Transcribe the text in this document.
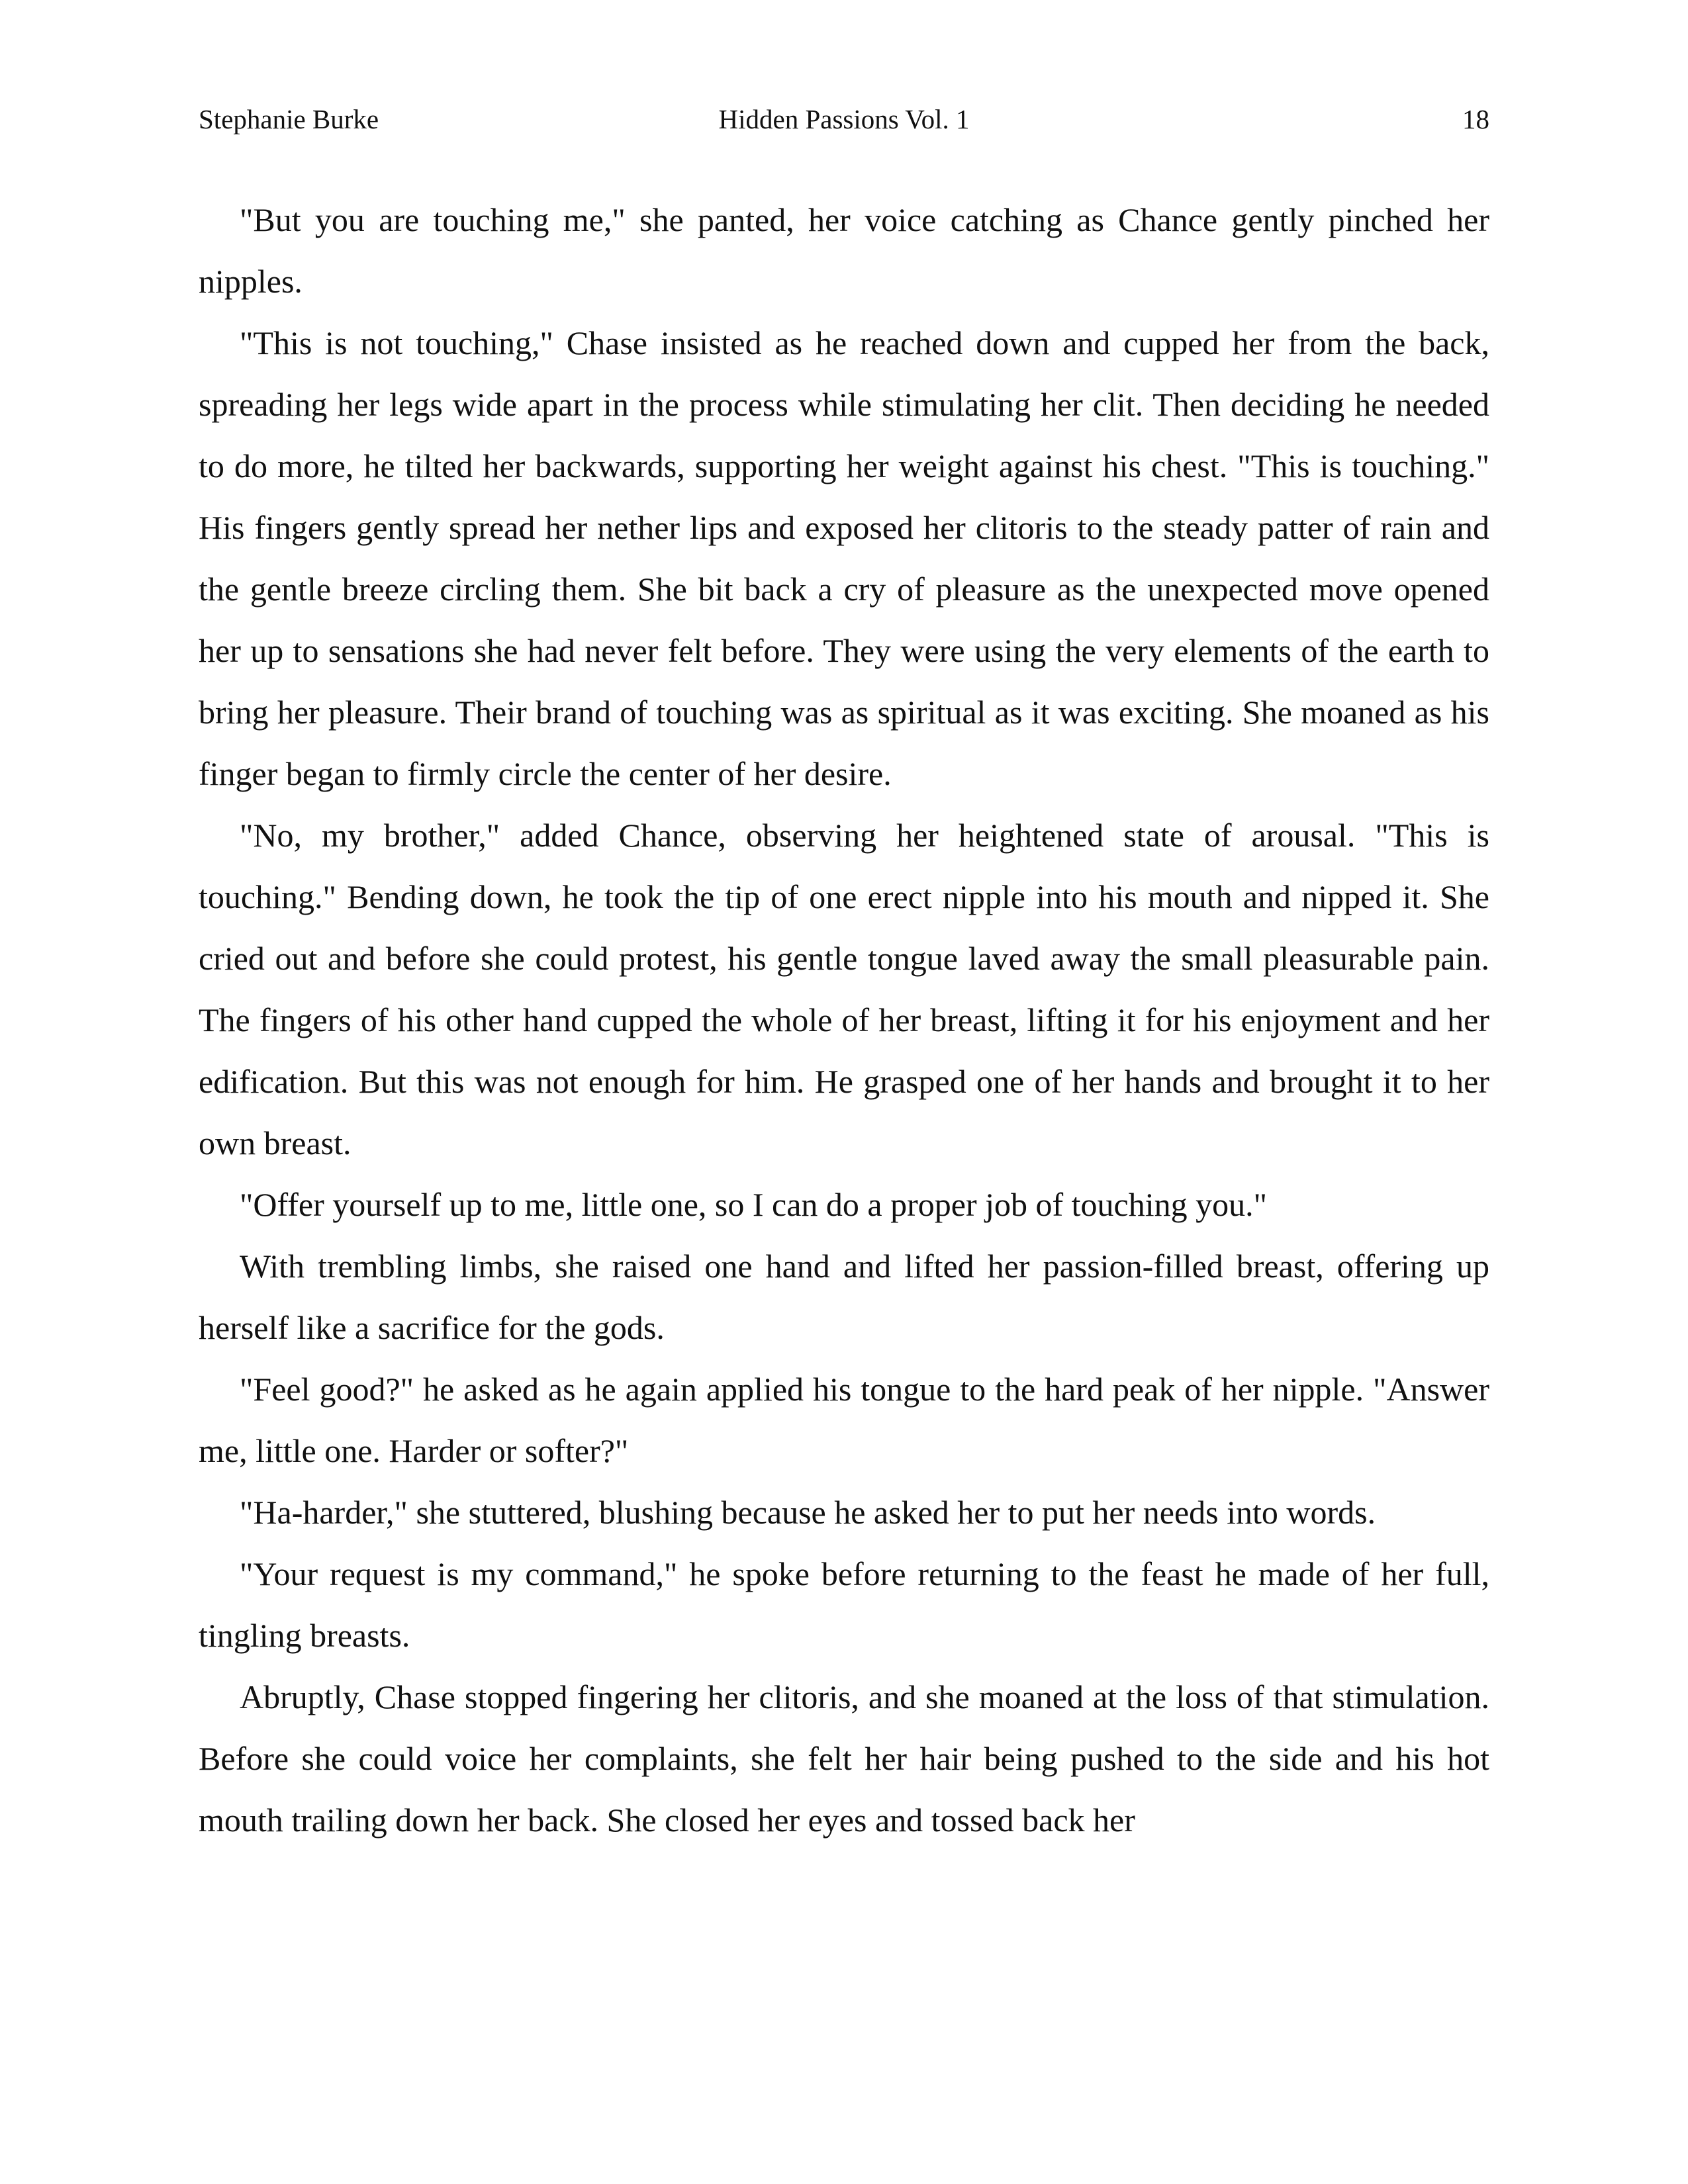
Stephanie Burke	Hidden Passions Vol. 1	18

"But you are touching me," she panted, her voice catching as Chance gently pinched her nipples.

"This is not touching," Chase insisted as he reached down and cupped her from the back, spreading her legs wide apart in the process while stimulating her clit. Then deciding he needed to do more, he tilted her backwards, supporting her weight against his chest. "This is touching." His fingers gently spread her nether lips and exposed her clitoris to the steady patter of rain and the gentle breeze circling them. She bit back a cry of pleasure as the unexpected move opened her up to sensations she had never felt before. They were using the very elements of the earth to bring her pleasure. Their brand of touching was as spiritual as it was exciting. She moaned as his finger began to firmly circle the center of her desire.

"No, my brother," added Chance, observing her heightened state of arousal. "This is touching." Bending down, he took the tip of one erect nipple into his mouth and nipped it. She cried out and before she could protest, his gentle tongue laved away the small pleasurable pain. The fingers of his other hand cupped the whole of her breast, lifting it for his enjoyment and her edification. But this was not enough for him. He grasped one of her hands and brought it to her own breast.

"Offer yourself up to me, little one, so I can do a proper job of touching you."

With trembling limbs, she raised one hand and lifted her passion-filled breast, offering up herself like a sacrifice for the gods.

"Feel good?" he asked as he again applied his tongue to the hard peak of her nipple. "Answer me, little one. Harder or softer?"

"Ha-harder," she stuttered, blushing because he asked her to put her needs into words.

"Your request is my command," he spoke before returning to the feast he made of her full, tingling breasts.

Abruptly, Chase stopped fingering her clitoris, and she moaned at the loss of that stimulation. Before she could voice her complaints, she felt her hair being pushed to the side and his hot mouth trailing down her back. She closed her eyes and tossed back her
